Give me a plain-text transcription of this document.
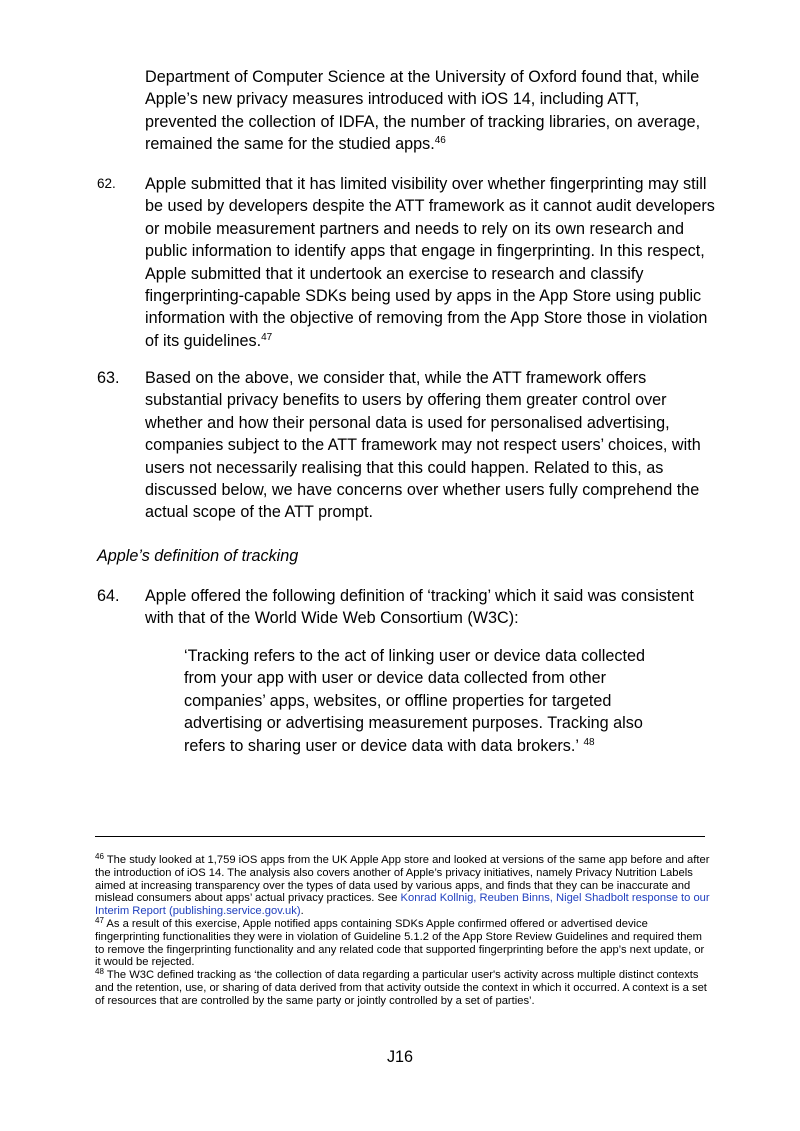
Department of Computer Science at the University of Oxford found that, while Apple’s new privacy measures introduced with iOS 14, including ATT, prevented the collection of IDFA, the number of tracking libraries, on average, remained the same for the studied apps.$^{46}$
62. Apple submitted that it has limited visibility over whether fingerprinting may still be used by developers despite the ATT framework as it cannot audit developers or mobile measurement partners and needs to rely on its own research and public information to identify apps that engage in fingerprinting. In this respect, Apple submitted that it undertook an exercise to research and classify fingerprinting-capable SDKs being used by apps in the App Store using public information with the objective of removing from the App Store those in violation of its guidelines.$^{47}$
63. Based on the above, we consider that, while the ATT framework offers substantial privacy benefits to users by offering them greater control over whether and how their personal data is used for personalised advertising, companies subject to the ATT framework may not respect users’ choices, with users not necessarily realising that this could happen. Related to this, as discussed below, we have concerns over whether users fully comprehend the actual scope of the ATT prompt.
Apple’s definition of tracking
64. Apple offered the following definition of ‘tracking’ which it said was consistent with that of the World Wide Web Consortium (W3C):
‘Tracking refers to the act of linking user or device data collected from your app with user or device data collected from other companies’ apps, websites, or offline properties for targeted advertising or advertising measurement purposes. Tracking also refers to sharing user or device data with data brokers.’ $^{48}$

$^{46}$ The study looked at 1,759 iOS apps from the UK Apple App store and looked at versions of the same app before and after the introduction of iOS 14. The analysis also covers another of Apple’s privacy initiatives, namely Privacy Nutrition Labels aimed at increasing transparency over the types of data used by various apps, and finds that they can be inaccurate and mislead consumers about apps’ actual privacy practices. See Konrad Kollnig, Reuben Binns, Nigel Shadbolt response to our Interim Report (publishing.service.gov.uk).

$^{47}$ As a result of this exercise, Apple notified apps containing SDKs Apple confirmed offered or advertised device fingerprinting functionalities they were in violation of Guideline 5.1.2 of the App Store Review Guidelines and required them to remove the fingerprinting functionality and any related code that supported fingerprinting before the app’s next update, or it would be rejected.

$^{48}$ The W3C defined tracking as ‘the collection of data regarding a particular user's activity across multiple distinct contexts and the retention, use, or sharing of data derived from that activity outside the context in which it occurred. A context is a set of resources that are controlled by the same party or jointly controlled by a set of parties’.

J16
